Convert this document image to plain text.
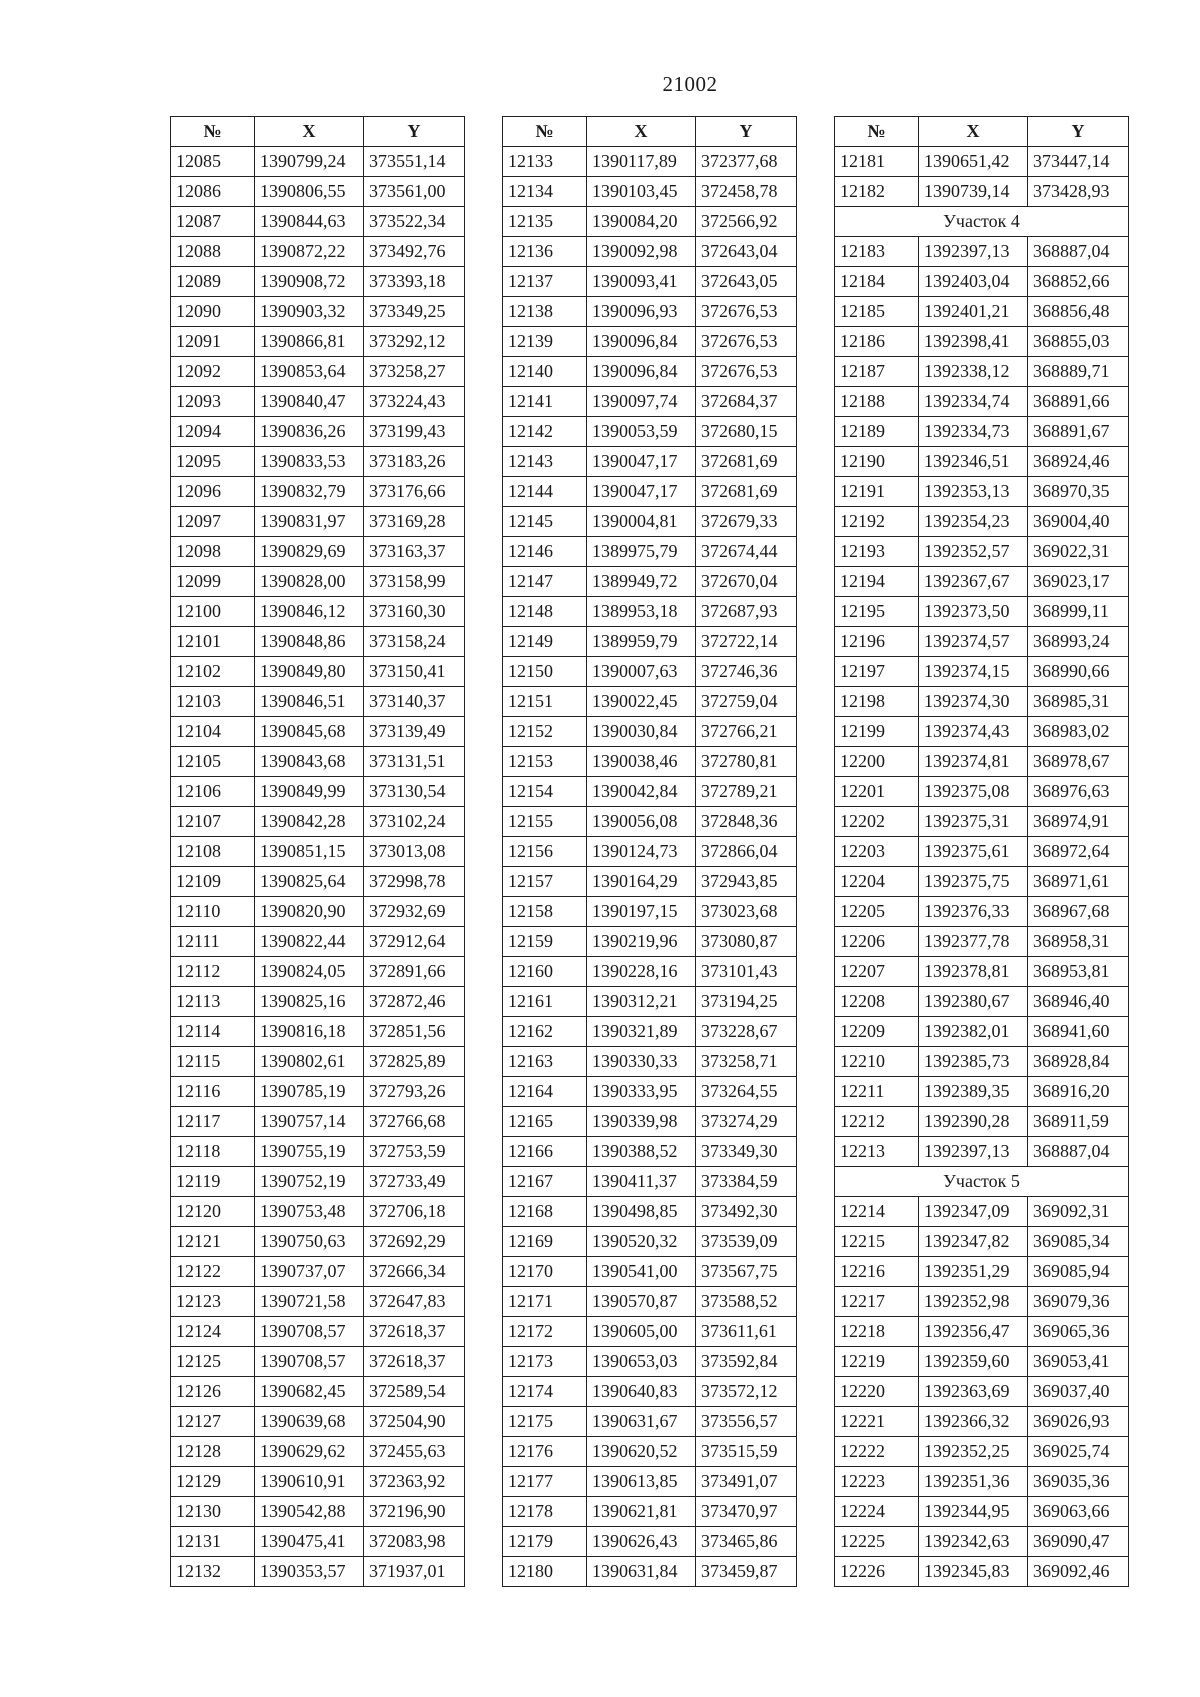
21002
№	X	Y
12085	1390799,24	373551,14
12086	1390806,55	373561,00
12087	1390844,63	373522,34
12088	1390872,22	373492,76
12089	1390908,72	373393,18
12090	1390903,32	373349,25
12091	1390866,81	373292,12
12092	1390853,64	373258,27
12093	1390840,47	373224,43
12094	1390836,26	373199,43
12095	1390833,53	373183,26
12096	1390832,79	373176,66
12097	1390831,97	373169,28
12098	1390829,69	373163,37
12099	1390828,00	373158,99
12100	1390846,12	373160,30
12101	1390848,86	373158,24
12102	1390849,80	373150,41
12103	1390846,51	373140,37
12104	1390845,68	373139,49
12105	1390843,68	373131,51
12106	1390849,99	373130,54
12107	1390842,28	373102,24
12108	1390851,15	373013,08
12109	1390825,64	372998,78
12110	1390820,90	372932,69
12111	1390822,44	372912,64
12112	1390824,05	372891,66
12113	1390825,16	372872,46
12114	1390816,18	372851,56
12115	1390802,61	372825,89
12116	1390785,19	372793,26
12117	1390757,14	372766,68
12118	1390755,19	372753,59
12119	1390752,19	372733,49
12120	1390753,48	372706,18
12121	1390750,63	372692,29
12122	1390737,07	372666,34
12123	1390721,58	372647,83
12124	1390708,57	372618,37
12125	1390708,57	372618,37
12126	1390682,45	372589,54
12127	1390639,68	372504,90
12128	1390629,62	372455,63
12129	1390610,91	372363,92
12130	1390542,88	372196,90
12131	1390475,41	372083,98
12132	1390353,57	371937,01
№	X	Y
12133	1390117,89	372377,68
12134	1390103,45	372458,78
12135	1390084,20	372566,92
12136	1390092,98	372643,04
12137	1390093,41	372643,05
12138	1390096,93	372676,53
12139	1390096,84	372676,53
12140	1390096,84	372676,53
12141	1390097,74	372684,37
12142	1390053,59	372680,15
12143	1390047,17	372681,69
12144	1390047,17	372681,69
12145	1390004,81	372679,33
12146	1389975,79	372674,44
12147	1389949,72	372670,04
12148	1389953,18	372687,93
12149	1389959,79	372722,14
12150	1390007,63	372746,36
12151	1390022,45	372759,04
12152	1390030,84	372766,21
12153	1390038,46	372780,81
12154	1390042,84	372789,21
12155	1390056,08	372848,36
12156	1390124,73	372866,04
12157	1390164,29	372943,85
12158	1390197,15	373023,68
12159	1390219,96	373080,87
12160	1390228,16	373101,43
12161	1390312,21	373194,25
12162	1390321,89	373228,67
12163	1390330,33	373258,71
12164	1390333,95	373264,55
12165	1390339,98	373274,29
12166	1390388,52	373349,30
12167	1390411,37	373384,59
12168	1390498,85	373492,30
12169	1390520,32	373539,09
12170	1390541,00	373567,75
12171	1390570,87	373588,52
12172	1390605,00	373611,61
12173	1390653,03	373592,84
12174	1390640,83	373572,12
12175	1390631,67	373556,57
12176	1390620,52	373515,59
12177	1390613,85	373491,07
12178	1390621,81	373470,97
12179	1390626,43	373465,86
12180	1390631,84	373459,87
№	X	Y
12181	1390651,42	373447,14
12182	1390739,14	373428,93
Участок 4		
12183	1392397,13	368887,04
12184	1392403,04	368852,66
12185	1392401,21	368856,48
12186	1392398,41	368855,03
12187	1392338,12	368889,71
12188	1392334,74	368891,66
12189	1392334,73	368891,67
12190	1392346,51	368924,46
12191	1392353,13	368970,35
12192	1392354,23	369004,40
12193	1392352,57	369022,31
12194	1392367,67	369023,17
12195	1392373,50	368999,11
12196	1392374,57	368993,24
12197	1392374,15	368990,66
12198	1392374,30	368985,31
12199	1392374,43	368983,02
12200	1392374,81	368978,67
12201	1392375,08	368976,63
12202	1392375,31	368974,91
12203	1392375,61	368972,64
12204	1392375,75	368971,61
12205	1392376,33	368967,68
12206	1392377,78	368958,31
12207	1392378,81	368953,81
12208	1392380,67	368946,40
12209	1392382,01	368941,60
12210	1392385,73	368928,84
12211	1392389,35	368916,20
12212	1392390,28	368911,59
12213	1392397,13	368887,04
Участок 5		
12214	1392347,09	369092,31
12215	1392347,82	369085,34
12216	1392351,29	369085,94
12217	1392352,98	369079,36
12218	1392356,47	369065,36
12219	1392359,60	369053,41
12220	1392363,69	369037,40
12221	1392366,32	369026,93
12222	1392352,25	369025,74
12223	1392351,36	369035,36
12224	1392344,95	369063,66
12225	1392342,63	369090,47
12226	1392345,83	369092,46
